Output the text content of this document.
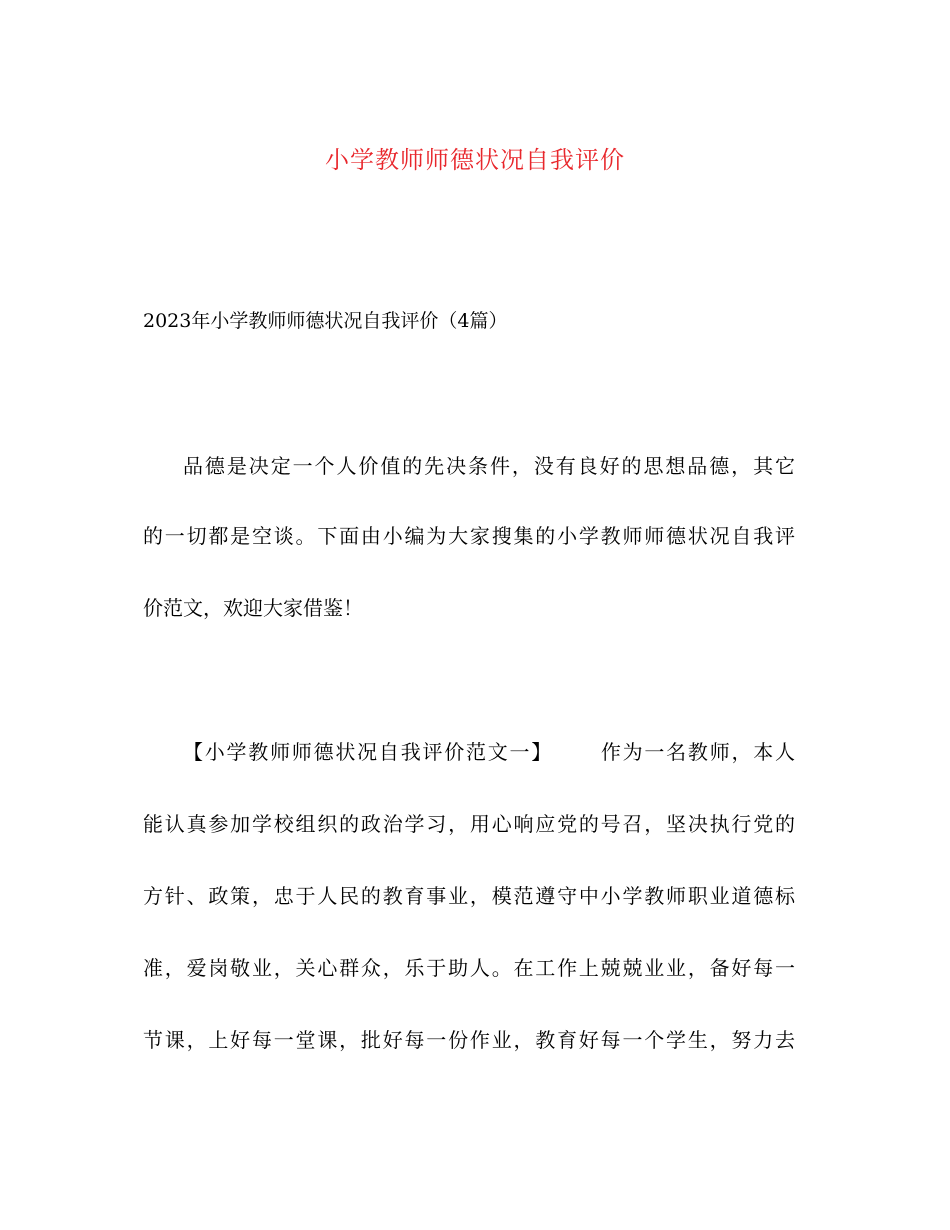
小学教师师德状况自我评价
2023年小学教师师德状况自我评价（4篇）
品德是决定一个人价值的先决条件，没有良好的思想品德，其它
的一切都是空谈。下面由小编为大家搜集的小学教师师德状况自我评
价范文，欢迎大家借鉴！
【小学教师师德状况自我评价范文一】 作为一名教师，本人
能认真参加学校组织的政治学习，用心响应党的号召，坚决执行党的
方针、政策，忠于人民的教育事业，模范遵守中小学教师职业道德标
准，爱岗敬业，关心群众，乐于助人。在工作上兢兢业业，备好每一
节课，上好每一堂课，批好每一份作业，教育好每一个学生，努力去
